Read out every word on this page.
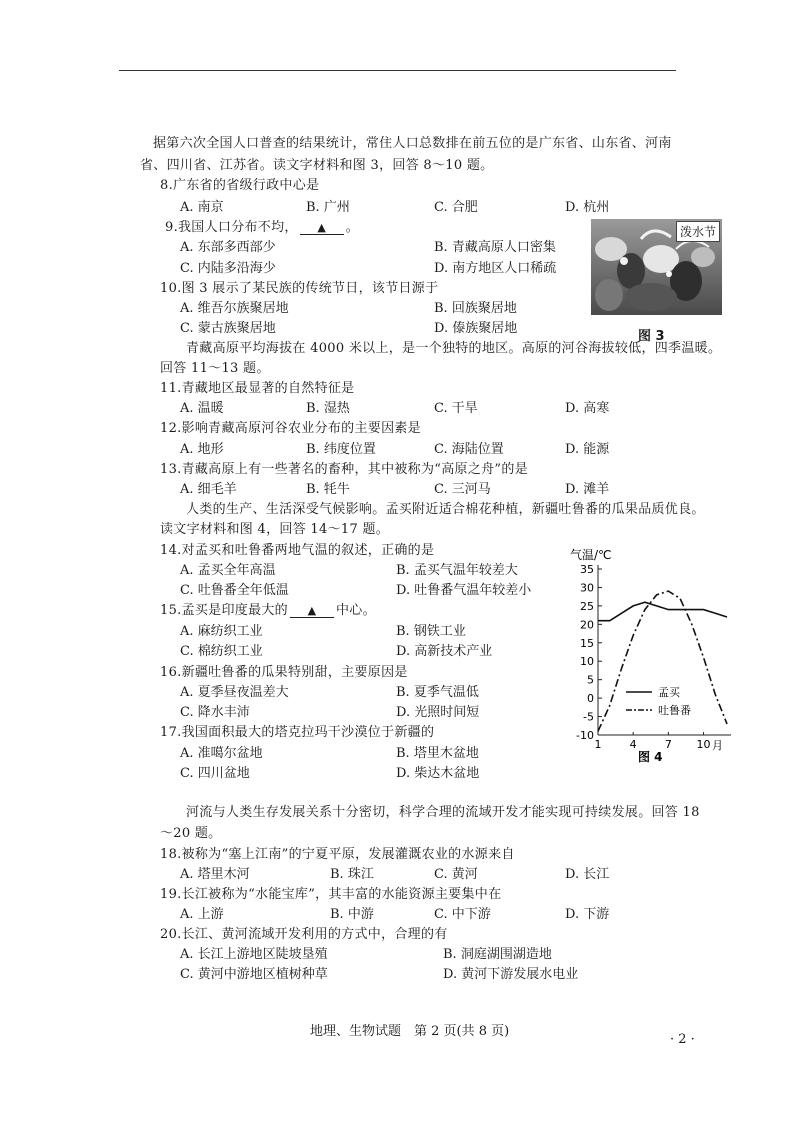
据第六次全国人口普查的结果统计，常住人口总数排在前五位的是广东省、山东省、河南
省、四川省、江苏省。读文字材料和图 3，回答 8～10 题。
8.广东省的省级行政中心是
A. 南京	B. 广州	C. 合肥	D. 杭州
9.我国人口分布不均， ▲ 。
A. 东部多西部少	B. 青藏高原人口密集
C. 内陆多沿海少	D. 南方地区人口稀疏
10.图 3 展示了某民族的传统节日，该节日源于
A. 维吾尔族聚居地	B. 回族聚居地
C. 蒙古族聚居地	D. 傣族聚居地
泼水节
图 3
青藏高原平均海拔在 4000 米以上，是一个独特的地区。高原的河谷海拔较低，四季温暖。
回答 11～13 题。
11.青藏地区最显著的自然特征是
A. 温暖	B. 湿热	C. 干旱	D. 高寒
12.影响青藏高原河谷农业分布的主要因素是
A. 地形	B. 纬度位置	C. 海陆位置	D. 能源
13.青藏高原上有一些著名的畜种，其中被称为“高原之舟”的是
A. 细毛羊	B. 牦牛	C. 三河马	D. 滩羊
人类的生产、生活深受气候影响。孟买附近适合棉花种植，新疆吐鲁番的瓜果品质优良。
读文字材料和图 4，回答 14～17 题。
14.对孟买和吐鲁番两地气温的叙述，正确的是
A. 孟买全年高温	B. 孟买气温年较差大
C. 吐鲁番全年低温	D. 吐鲁番气温年较差小
15.孟买是印度最大的 ▲ 中心。
A. 麻纺织工业	B. 钢铁工业
C. 棉纺织工业	D. 高新技术产业
16.新疆吐鲁番的瓜果特别甜，主要原因是
A. 夏季昼夜温差大	B. 夏季气温低
C. 降水丰沛	D. 光照时间短
17.我国面积最大的塔克拉玛干沙漠位于新疆的
A. 准噶尔盆地	B. 塔里木盆地
C. 四川盆地	D. 柴达木盆地
气温/℃
图 4
月
35
30
25
20
15
10
5
0
-5
-10
1	4	7 10
孟买
吐鲁番
河流与人类生存发展关系十分密切，科学合理的流域开发才能实现可持续发展。回答 18
～20 题。
18.被称为“塞上江南”的宁夏平原，发展灌溉农业的水源来自
A. 塔里木河	B. 珠江	C. 黄河	D. 长江
19.长江被称为“水能宝库”，其丰富的水能资源主要集中在
A. 上游	B. 中游	C. 中下游	D. 下游
20.长江、黄河流域开发利用的方式中，合理的有
A. 长江上游地区陡坡垦殖	B. 洞庭湖围湖造地
C. 黄河中游地区植树种草	D. 黄河下游发展水电业
地理、生物试题　第 2 页(共 8 页)
· 2 ·
